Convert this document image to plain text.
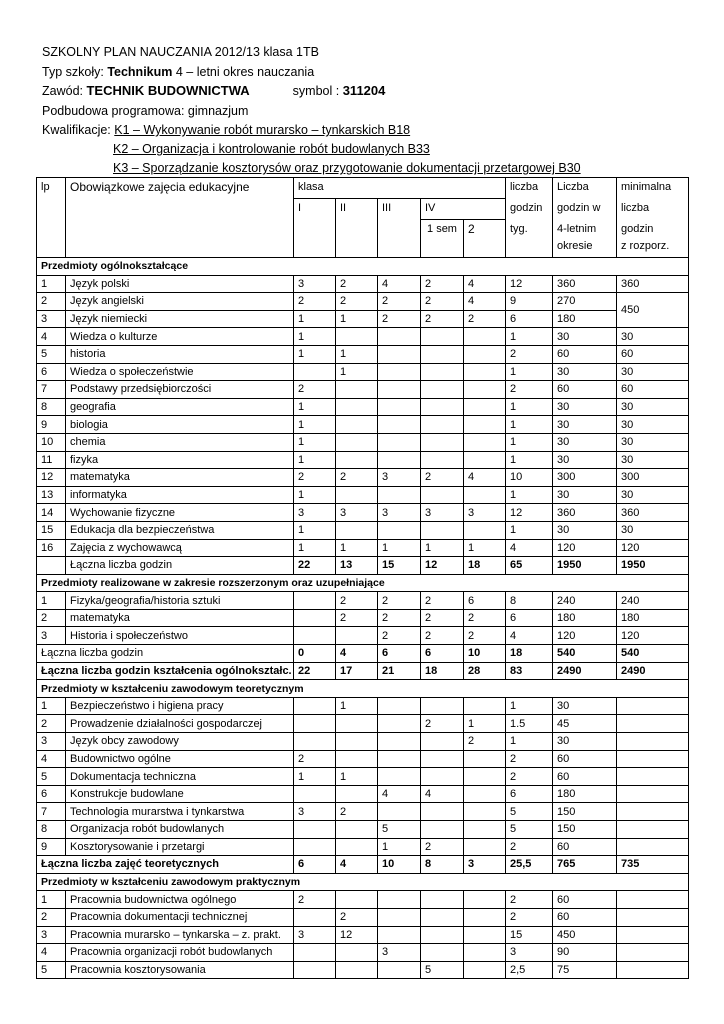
SZKOLNY PLAN NAUCZANIA 2012/13 klasa 1TB
Typ szkoły: Technikum 4 – letni okres nauczania
Zawód: TECHNIK BUDOWNICTWA	symbol : 311204
Podbudowa programowa: gimnazjum
Kwalifikacje: K1 – Wykonywanie robót murarsko – tynkarskich B18
K2 – Organizacja i kontrolowanie robót budowlanych B33
K3 – Sporządzanie kosztorysów oraz przygotowanie dokumentacji przetargowej B30
lp	Obowiązkowe zajęcia edukacyjne	klasa					liczba	Liczba	minimalna
		I	II	III	IV		godzin	godzin w	liczba
					1 sem	2	tyg.	4-letnim
okresie	godzin
z rozporz.
Przedmioty ogólnokształcące									
1	Język polski	3	2	4	2	4	12	360	360
2	Język angielski	2	2	2	2	4	9	270	450
3	Język niemiecki	1	1	2	2	2	6	180	
4	Wiedza o kulturze	1					1	30	30
5	historia	1	1				2	60	60
6	Wiedza o społeczeństwie		1				1	30	30
7	Podstawy przedsiębiorczości	2					2	60	60
8	geografia	1					1	30	30
9	biologia	1					1	30	30
10	chemia	1					1	30	30
11	fizyka	1					1	30	30
12	matematyka	2	2	3	2	4	10	300	300
13	informatyka	1					1	30	30
14	Wychowanie fizyczne	3	3	3	3	3	12	360	360
15	Edukacja dla bezpieczeństwa	1					1	30	30
16	Zajęcia z wychowawcą	1	1	1	1	1	4	120	120
	Łączna liczba godzin	22	13	15	12	18	65	1950	1950
Przedmioty realizowane w zakresie rozszerzonym oraz uzupełniające									
1	Fizyka/geografia/historia sztuki		2	2	2	6	8	240	240
2	matematyka		2	2	2	2	6	180	180
3	Historia i społeczeństwo			2	2	2	4	120	120
Łączna liczba godzin		0	4	6	6	10	18	540	540
Łączna liczba godzin kształcenia ogólnokształc.		22	17	21	18	28	83	2490	2490
Przedmioty w kształceniu zawodowym teoretycznym									
1	Bezpieczeństwo i higiena pracy		1				1	30	
2	Prowadzenie działalności gospodarczej				2	1	1.5	45	
3	Język obcy zawodowy					2	1	30	
4	Budownictwo ogólne	2					2	60	
5	Dokumentacja techniczna	1	1				2	60	
6	Konstrukcje budowlane			4	4		6	180	
7	Technologia murarstwa i tynkarstwa	3	2				5	150	
8	Organizacja robót budowlanych			5			5	150	
9	Kosztorysowanie i przetargi			1	2		2	60	
Łączna liczba zajęć teoretycznych		6	4	10	8	3	25,5	765	735
Przedmioty w kształceniu zawodowym praktycznym									
1	Pracownia budownictwa ogólnego	2					2	60	
2	Pracownia dokumentacji technicznej		2				2	60	
3	Pracownia murarsko – tynkarska – z. prakt.	3	12				15	450	
4	Pracownia organizacji robót budowlanych			3			3	90	
5	Pracownia kosztorysowania				5		2,5	75	
